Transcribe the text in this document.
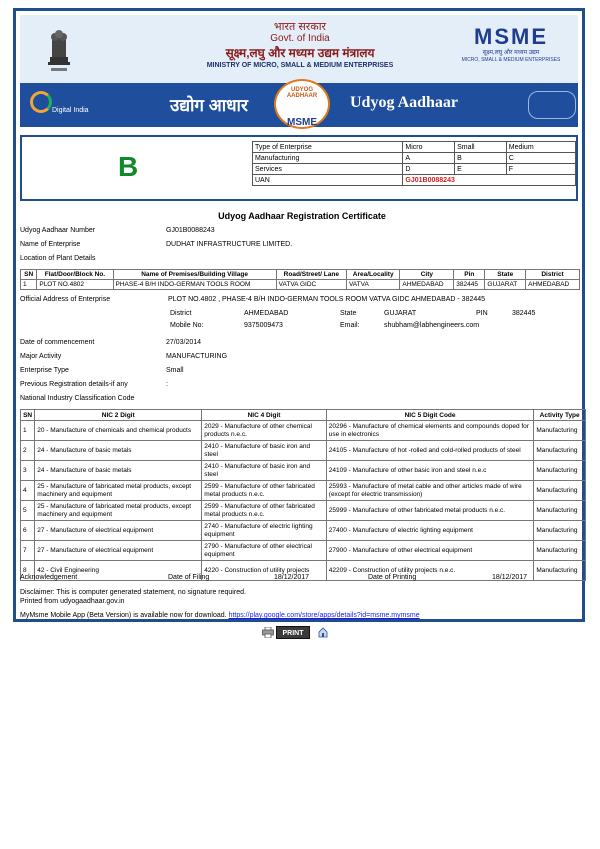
भारत सरकार
Govt. of India
सूक्ष्म,लघु और मध्यम उद्यम मंत्रालय
MINISTRY OF MICRO, SMALL & MEDIUM ENTERPRISES
MSME
सूक्ष्म,लघु और मध्यम उद्यम
MICRO, SMALL & MEDIUM ENTERPRISES
Digital India	उद्योग आधार
UDYOG AADHAAR
MSME
Udyog Aadhaar
B
Type of Enterprise	Micro	Small	Medium
Manufacturing	A	B	C
Services	D	E	F
UAN	GJ01B0088243		
Udyog Aadhaar Registration Certificate
Udyog Aadhaar Number	GJ01B0088243
Name of Enterprise	DUDHAT INFRASTRUCTURE LIMITED.
Location of Plant Details
SN	Flat/Door/Block No.	Name of Premises/Building Village	Road/Street/ Lane	Area/Locality	City	Pin	State	District
1	PLOT NO.4802	PHASE-4 B/H INDO-GERMAN TOOLS ROOM	VATVA GIDC	VATVA	AHMEDABAD	382445	GUJARAT	AHMEDABAD
Official Address of Enterprise	PLOT NO.4802 , PHASE-4 B/H INDO-GERMAN TOOLS ROOM VATVA GIDC AHMEDABAD - 382445
District	AHMEDABAD	State	GUJARAT	PIN	382445
Mobile No:	9375009473	Email:	shubham@labhengineers.com
Date of commencement	27/03/2014
Major Activity	MANUFACTURING
Enterprise Type	Small
Previous Registration details-if any	:
National Industry Classification Code
SN	NIC 2 Digit	NIC 4 Digit	NIC 5 Digit Code	Activity Type
1	20 - Manufacture of chemicals and chemical products	2029 - Manufacture of other chemical products n.e.c.	20296 - Manufacture of chemical elements and compounds doped for use in electronics	Manufacturing
2	24 - Manufacture of basic metals	2410 - Manufacture of basic iron and steel	24105 - Manufacture of hot -rolled and cold-rolled products of steel	Manufacturing
3	24 - Manufacture of basic metals	2410 - Manufacture of basic iron and steel	24109 - Manufacture of other basic iron and steel n.e.c	Manufacturing
4	25 - Manufacture of fabricated metal products, except machinery and equipment	2599 - Manufacture of other fabricated metal products n.e.c.	25993 - Manufacture of metal cable and other articles made of wire (except for electric transmission)	Manufacturing
5	25 - Manufacture of fabricated metal products, except machinery and equipment	2599 - Manufacture of other fabricated metal products n.e.c.	25999 - Manufacture of other fabricated metal products n.e.c.	Manufacturing
6	27 - Manufacture of electrical equipment	2740 - Manufacture of electric lighting equipment	27400 - Manufacture of electric lighting equipment	Manufacturing
7	27 - Manufacture of electrical equipment	2790 - Manufacture of other electrical equipment	27900 - Manufacture of other electrical equipment	Manufacturing
8	42 - Civil Engineering	4220 - Construction of utility projects	42209 - Construction of utility projects n.e.c.	Manufacturing
Acknowledgement	Date of Filing	18/12/2017	Date of Printing	18/12/2017
Disclaimer: This is computer generated statement, no signature required.
Printed from udyogaadhaar.gov.in
MyMsme Mobile App (Beta Version) is available now for download. https://play.google.com/store/apps/details?id=msme.mymsme
PRINT
